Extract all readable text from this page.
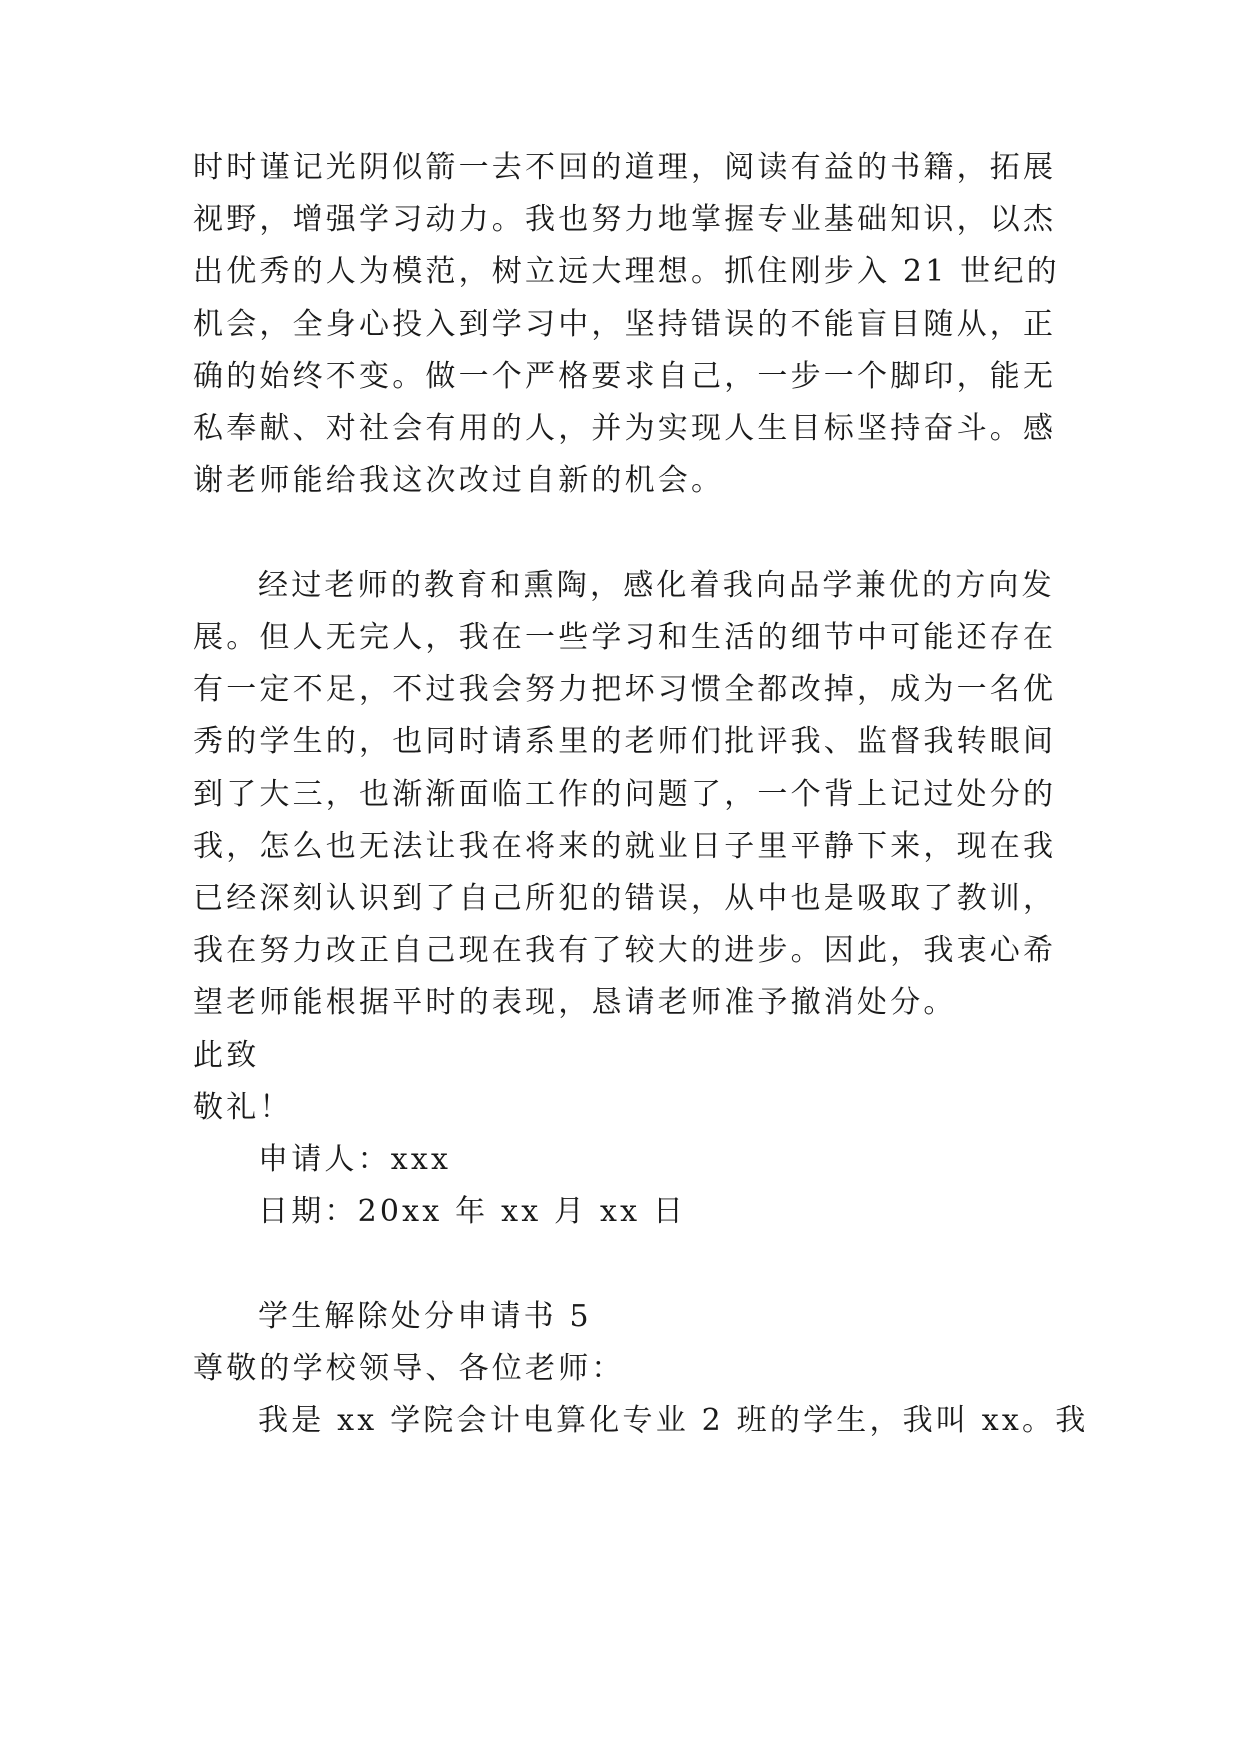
时时谨记光阴似箭一去不回的道理，阅读有益的书籍，拓展
视野，增强学习动力。我也努力地掌握专业基础知识，以杰
出优秀的人为模范，树立远大理想。抓住刚步入 21 世纪的
机会，全身心投入到学习中，坚持错误的不能盲目随从，正
确的始终不变。做一个严格要求自己，一步一个脚印，能无
私奉献、对社会有用的人，并为实现人生目标坚持奋斗。感
谢老师能给我这次改过自新的机会。
经过老师的教育和熏陶，感化着我向品学兼优的方向发
展。但人无完人，我在一些学习和生活的细节中可能还存在
有一定不足，不过我会努力把坏习惯全都改掉，成为一名优
秀的学生的，也同时请系里的老师们批评我、监督我转眼间
到了大三，也渐渐面临工作的问题了，一个背上记过处分的
我，怎么也无法让我在将来的就业日子里平静下来，现在我
已经深刻认识到了自己所犯的错误，从中也是吸取了教训，
我在努力改正自己现在我有了较大的进步。因此，我衷心希
望老师能根据平时的表现，恳请老师准予撤消处分。
此致
敬礼！
申请人：xxx
日期：20xx 年 xx 月 xx 日
学生解除处分申请书 5
尊敬的学校领导、各位老师：
我是 xx 学院会计电算化专业 2 班的学生，我叫 xx。我
